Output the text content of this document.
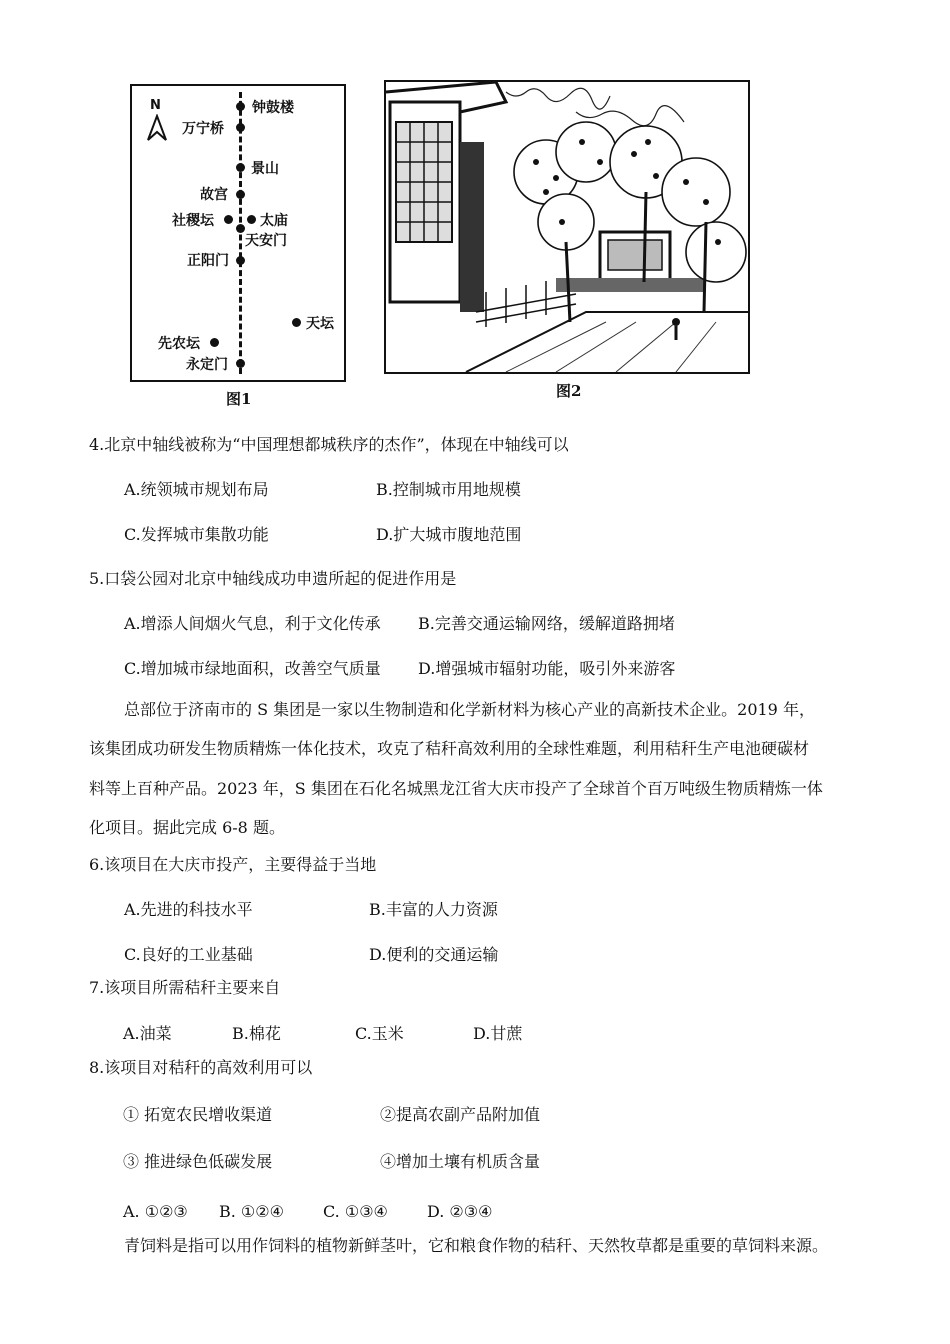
N	钟鼓楼
万宁桥
景山
故宫
社稷坛	太庙
天安门
正阳门
天坛
先农坛
永定门
图1	图2
4.北京中轴线被称为“中国理想都城秩序的杰作”，体现在中轴线可以
A.统领城市规划布局	B.控制城市用地规模
C.发挥城市集散功能	D.扩大城市腹地范围
5.口袋公园对北京中轴线成功申遗所起的促进作用是
A.增添人间烟火气息，利于文化传承 B.完善交通运输网络，缓解道路拥堵
C.增加城市绿地面积，改善空气质量 D.增强城市辐射功能，吸引外来游客
总部位于济南市的 S 集团是一家以生物制造和化学新材料为核心产业的高新技术企业。2019 年，
该集团成功研发生物质精炼一体化技术，攻克了秸秆高效利用的全球性难题，利用秸秆生产电池硬碳材
料等上百种产品。2023 年，S 集团在石化名城黑龙江省大庆市投产了全球首个百万吨级生物质精炼一体
化项目。据此完成 6-8 题。
6.该项目在大庆市投产，主要得益于当地
A.先进的科技水平	B.丰富的人力资源
C.良好的工业基础	D.便利的交通运输
7.该项目所需秸秆主要来自
A.油菜	B.棉花	C.玉米	D.甘蔗
8.该项目对秸秆的高效利用可以
① 拓宽农民增收渠道	②提高农副产品附加值
③ 推进绿色低碳发展	④增加土壤有机质含量
A. ①②③ B. ①②④ C. ①③④ D. ②③④
青饲料是指可以用作饲料的植物新鲜茎叶，它和粮食作物的秸秆、天然牧草都是重要的草饲料来源。
